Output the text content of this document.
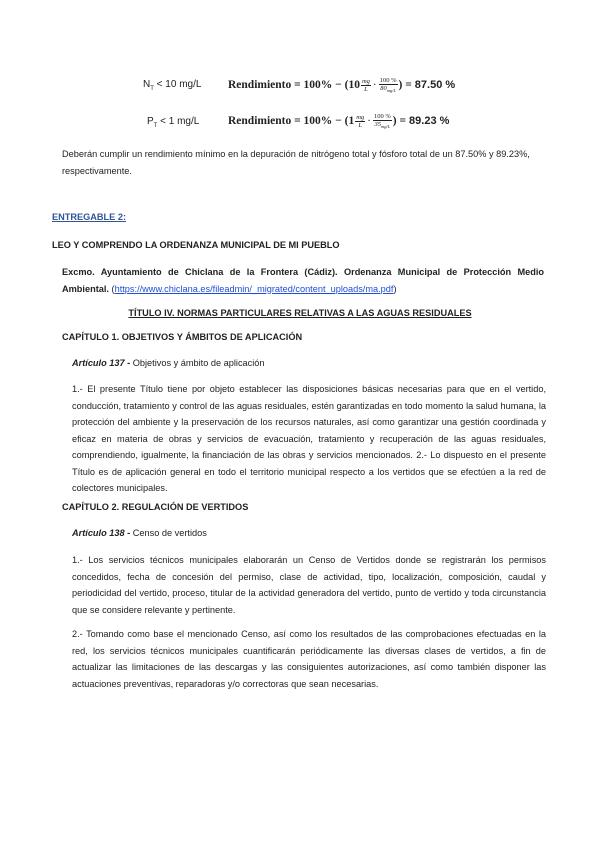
$N_T < 10$ mg/L Rendimiento = 100% − ( $10 \frac{mg}{L} \cdot \frac{100 \%}{80_{mg/L}}$ ) = 87.50 %
$P_T < 1$ mg/L Rendimiento = 100% − ( $1 \frac{mg}{L} \cdot \frac{100 \%}{35_{mg/L}}$ ) = 89.23 %
Deberán cumplir un rendimiento mínimo en la depuración de nitrógeno total y fósforo total de un 87.50% y 89.23%, respectivamente.
ENTREGABLE 2:
LEO Y COMPRENDO LA ORDENANZA MUNICIPAL DE MI PUEBLO
Excmo. Ayuntamiento de Chiclana de la Frontera (Cádiz). Ordenanza Municipal de Protección Medio Ambiental. (https://www.chiclana.es/fileadmin/_migrated/content_uploads/ma.pdf)
TÍTULO IV. NORMAS PARTICULARES RELATIVAS A LAS AGUAS RESIDUALES
CAPÍTULO 1. OBJETIVOS Y ÁMBITOS DE APLICACIÓN
Artículo 137 - Objetivos y ámbito de aplicación
1.- El presente Título tiene por objeto establecer las disposiciones básicas necesarias para que en el vertido, conducción, tratamiento y control de las aguas residuales, estén garantizadas en todo momento la salud humana, la protección del ambiente y la preservación de los recursos naturales, así como garantizar una gestión coordinada y eficaz en materia de obras y servicios de evacuación, tratamiento y recuperación de las aguas residuales, comprendiendo, igualmente, la financiación de las obras y servicios mencionados. 2.- Lo dispuesto en el presente Título es de aplicación general en todo el territorio municipal respecto a los vertidos que se efectúen a la red de colectores municipales.
CAPÍTULO 2. REGULACIÓN DE VERTIDOS
Artículo 138 - Censo de vertidos
1.- Los servicios técnicos municipales elaborarán un Censo de Vertidos donde se registrarán los permisos concedidos, fecha de concesión del permiso, clase de actividad, tipo, localización, composición, caudal y periodicidad del vertido, proceso, titular de la actividad generadora del vertido, punto de vertido y toda circunstancia que se considere relevante y pertinente.
2.- Tomando como base el mencionado Censo, así como los resultados de las comprobaciones efectuadas en la red, los servicios técnicos municipales cuantificarán periódicamente las diversas clases de vertidos, a fin de actualizar las limitaciones de las descargas y las consiguientes autorizaciones, así como también disponer las actuaciones preventivas, reparadoras y/o correctoras que sean necesarias.
